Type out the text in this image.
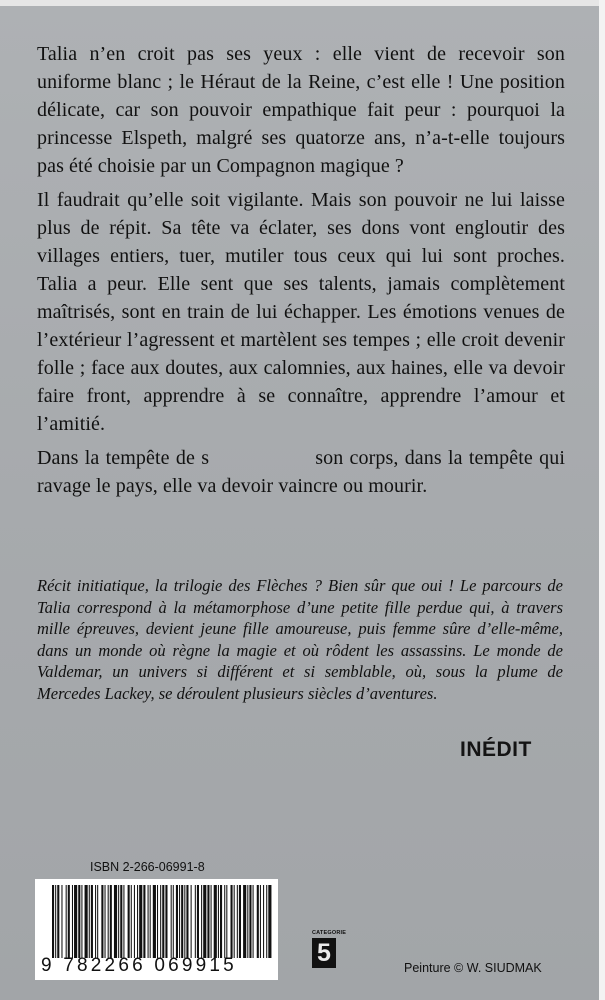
Talia n’en croit pas ses yeux : elle vient de recevoir son uniforme blanc ; le Héraut de la Reine, c’est elle ! Une position délicate, car son pouvoir empathique fait peur : pourquoi la princesse Elspeth, malgré ses quatorze ans, n’a-t-elle toujours pas été choisie par un Compagnon magique ?

Il faudrait qu’elle soit vigilante. Mais son pouvoir ne lui laisse plus de répit. Sa tête va éclater, ses dons vont engloutir des villages entiers, tuer, mutiler tous ceux qui lui sont proches. Talia a peur. Elle sent que ses talents, jamais complètement maîtrisés, sont en train de lui échapper. Les émotions venues de l’extérieur l’agressent et martèlent ses tempes ; elle croit devenir folle ; face aux doutes, aux calomnies, aux haines, elle va devoir faire front, apprendre à se connaître, apprendre l’amour et l’amitié.

Dans la tempête de s                 son corps, dans la tempête qui ravage le pays, elle va devoir vaincre ou mourir.

Récit initiatique, la trilogie des Flèches ? Bien sûr que oui ! Le parcours de Talia correspond à la métamorphose d’une petite fille perdue qui, à travers mille épreuves, devient jeune fille amoureuse, puis femme sûre d’elle-même, dans un monde où règne la magie et où rôdent les assassins. Le monde de Valdemar, un univers si différent et si semblable, où, sous la plume de Mercedes Lackey, se déroulent plusieurs siècles d’aventures.

INÉDIT
ISBN 2-266-06991-8
9 782266 069915
CATEGORIE
5
Peinture © W. SIUDMAK
